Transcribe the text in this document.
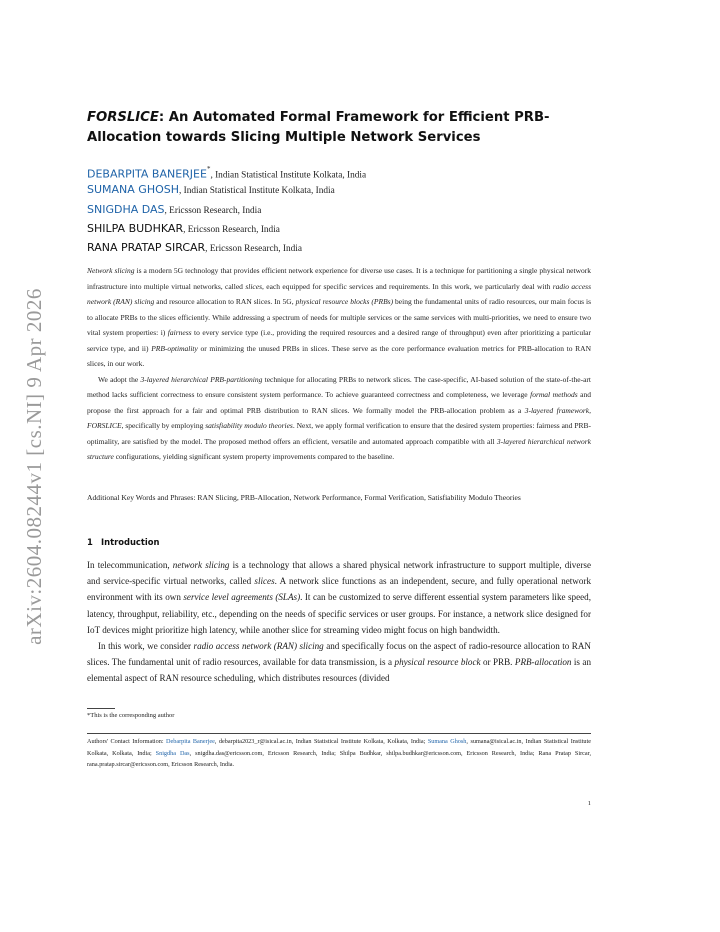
arXiv:2604.08244v1 [cs.NI] 9 Apr 2026
FORSLICE: An Automated Formal Framework for Efficient PRB-Allocation towards Slicing Multiple Network Services
DEBARPITA BANERJEE*, Indian Statistical Institute Kolkata, India
SUMANA GHOSH, Indian Statistical Institute Kolkata, India
SNIGDHA DAS, Ericsson Research, India
SHILPA BUDHKAR, Ericsson Research, India
RANA PRATAP SIRCAR, Ericsson Research, India

Network slicing is a modern 5G technology that provides efficient network experience for diverse use cases. It is a technique for partitioning a single physical network infrastructure into multiple virtual networks, called slices, each equipped for specific services and requirements. In this work, we particularly deal with radio access network (RAN) slicing and resource allocation to RAN slices. In 5G, physical resource blocks (PRBs) being the fundamental units of radio resources, our main focus is to allocate PRBs to the slices efficiently. While addressing a spectrum of needs for multiple services or the same services with multi-priorities, we need to ensure two vital system properties: i) fairness to every service type (i.e., providing the required resources and a desired range of throughput) even after prioritizing a particular service type, and ii) PRB-optimality or minimizing the unused PRBs in slices. These serve as the core performance evaluation metrics for PRB-allocation to RAN slices, in our work.

We adopt the 3-layered hierarchical PRB-partitioning technique for allocating PRBs to network slices. The case-specific, AI-based solution of the state-of-the-art method lacks sufficient correctness to ensure consistent system performance. To achieve guaranteed correctness and completeness, we leverage formal methods and propose the first approach for a fair and optimal PRB distribution to RAN slices. We formally model the PRB-allocation problem as a 3-layered framework, FORSLICE, specifically by employing satisfiability modulo theories. Next, we apply formal verification to ensure that the desired system properties: fairness and PRB-optimality, are satisfied by the model. The proposed method offers an efficient, versatile and automated approach compatible with all 3-layered hierarchical network structure configurations, yielding significant system property improvements compared to the baseline.

Additional Key Words and Phrases: RAN Slicing, PRB-Allocation, Network Performance, Formal Verification, Satisfiability Modulo Theories
1 Introduction

In telecommunication, network slicing is a technology that allows a shared physical network infrastructure to support multiple, diverse and service-specific virtual networks, called slices. A network slice functions as an independent, secure, and fully operational network environment with its own service level agreements (SLAs). It can be customized to serve different essential system parameters like speed, latency, throughput, reliability, etc., depending on the needs of specific services or user groups. For instance, a network slice designed for IoT devices might prioritize high latency, while another slice for streaming video might focus on high bandwidth.

In this work, we consider radio access network (RAN) slicing and specifically focus on the aspect of radio-resource allocation to RAN slices. The fundamental unit of radio resources, available for data transmission, is a physical resource block or PRB. PRB-allocation is an elemental aspect of RAN resource scheduling, which distributes resources (divided

*This is the corresponding author
Authors' Contact Information: Debarpita Banerjee, debarpita2023_r@isical.ac.in, Indian Statistical Institute Kolkata, Kolkata, India; Sumana Ghosh, sumana@isical.ac.in, Indian Statistical Institute Kolkata, Kolkata, India; Snigdha Das, snigdha.das@ericsson.com, Ericsson Research, India; Shilpa Budhkar, shilpa.budhkar@ericsson.com, Ericsson Research, India; Rana Pratap Sircar, rana.pratap.sircar@ericsson.com, Ericsson Research, India.
1
